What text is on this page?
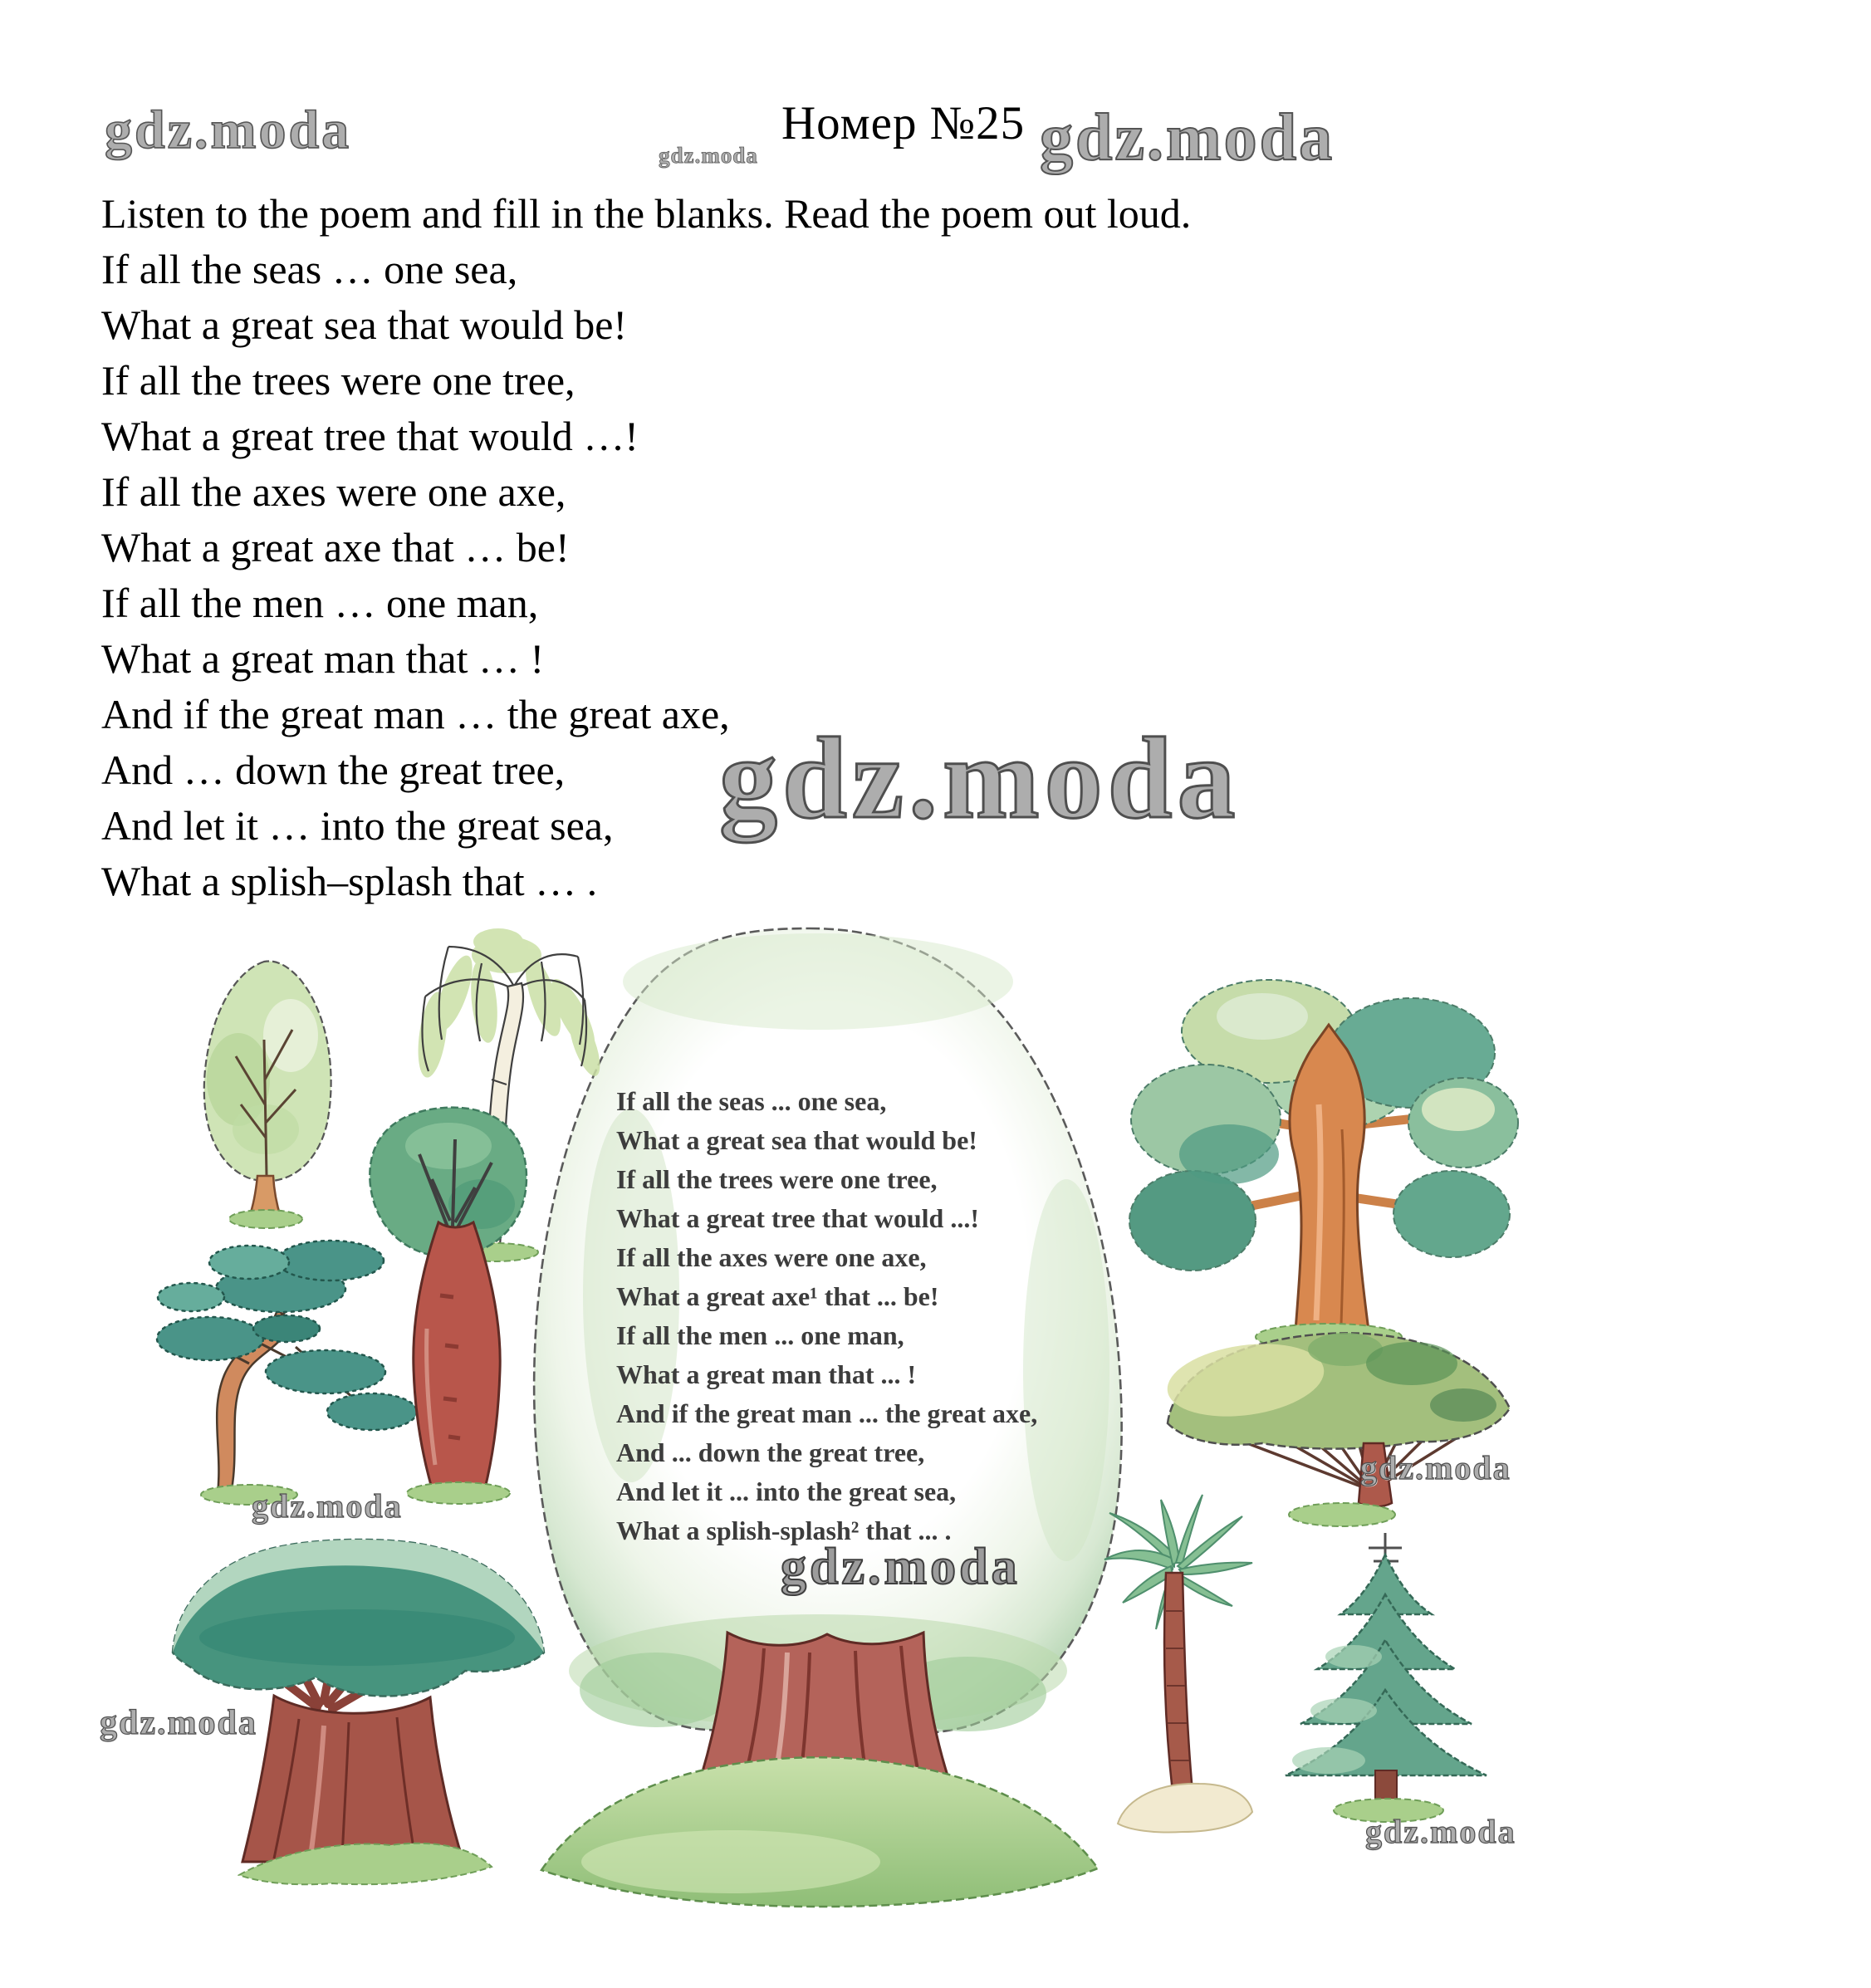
gdz.moda	Номер №25
gdz.moda	gdz.moda
Listen to the poem and fill in the blanks. Read the poem out loud.
If all the seas … one sea,
What a great sea that would be!
If all the trees were one tree,
What a great tree that would …!
If all the axes were one axe,
What a great axe that … be!
If all the men … one man,
What a great man that … !
And if the great man … the great axe,
And … down the great tree,
And let it … into the great sea,
What a splish–splash that … .
gdz.moda
If all the seas ... one sea,
What a great sea that would be!
If all the trees were one tree,
What a great tree that would ...!
If all the axes were one axe,
What a great axe¹ that ... be!
If all the men ... one man,
What a great man that ... !
And if the great man ... the great axe,
And ... down the great tree,
And let it ... into the great sea,
What a splish-splash² that ... .
gdz.moda
gdz.moda
gdz.moda
gdz.moda
gdz.moda
